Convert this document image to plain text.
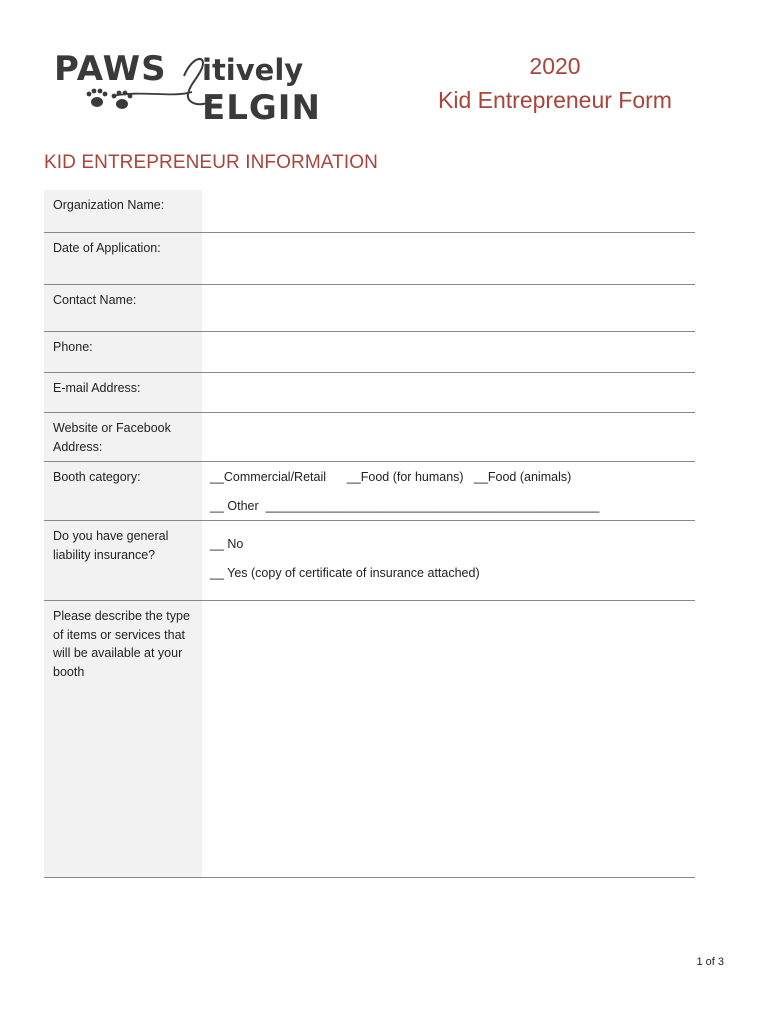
PAWS itively
ELGIN
2020
Kid Entrepreneur Form
KID ENTREPRENEUR INFORMATION
Organization Name:
Date of Application:
Contact Name:
Phone:
E-mail Address:
Website or Facebook Address:
Booth category:	__Commercial/Retail      __Food (for humans)   __Food (animals)
__ Other  ________________________________________________
Do you have general liability insurance?
__ No
__ Yes (copy of certificate of insurance attached)
Please describe the type of items or services that will be available at your booth
1 of 3
